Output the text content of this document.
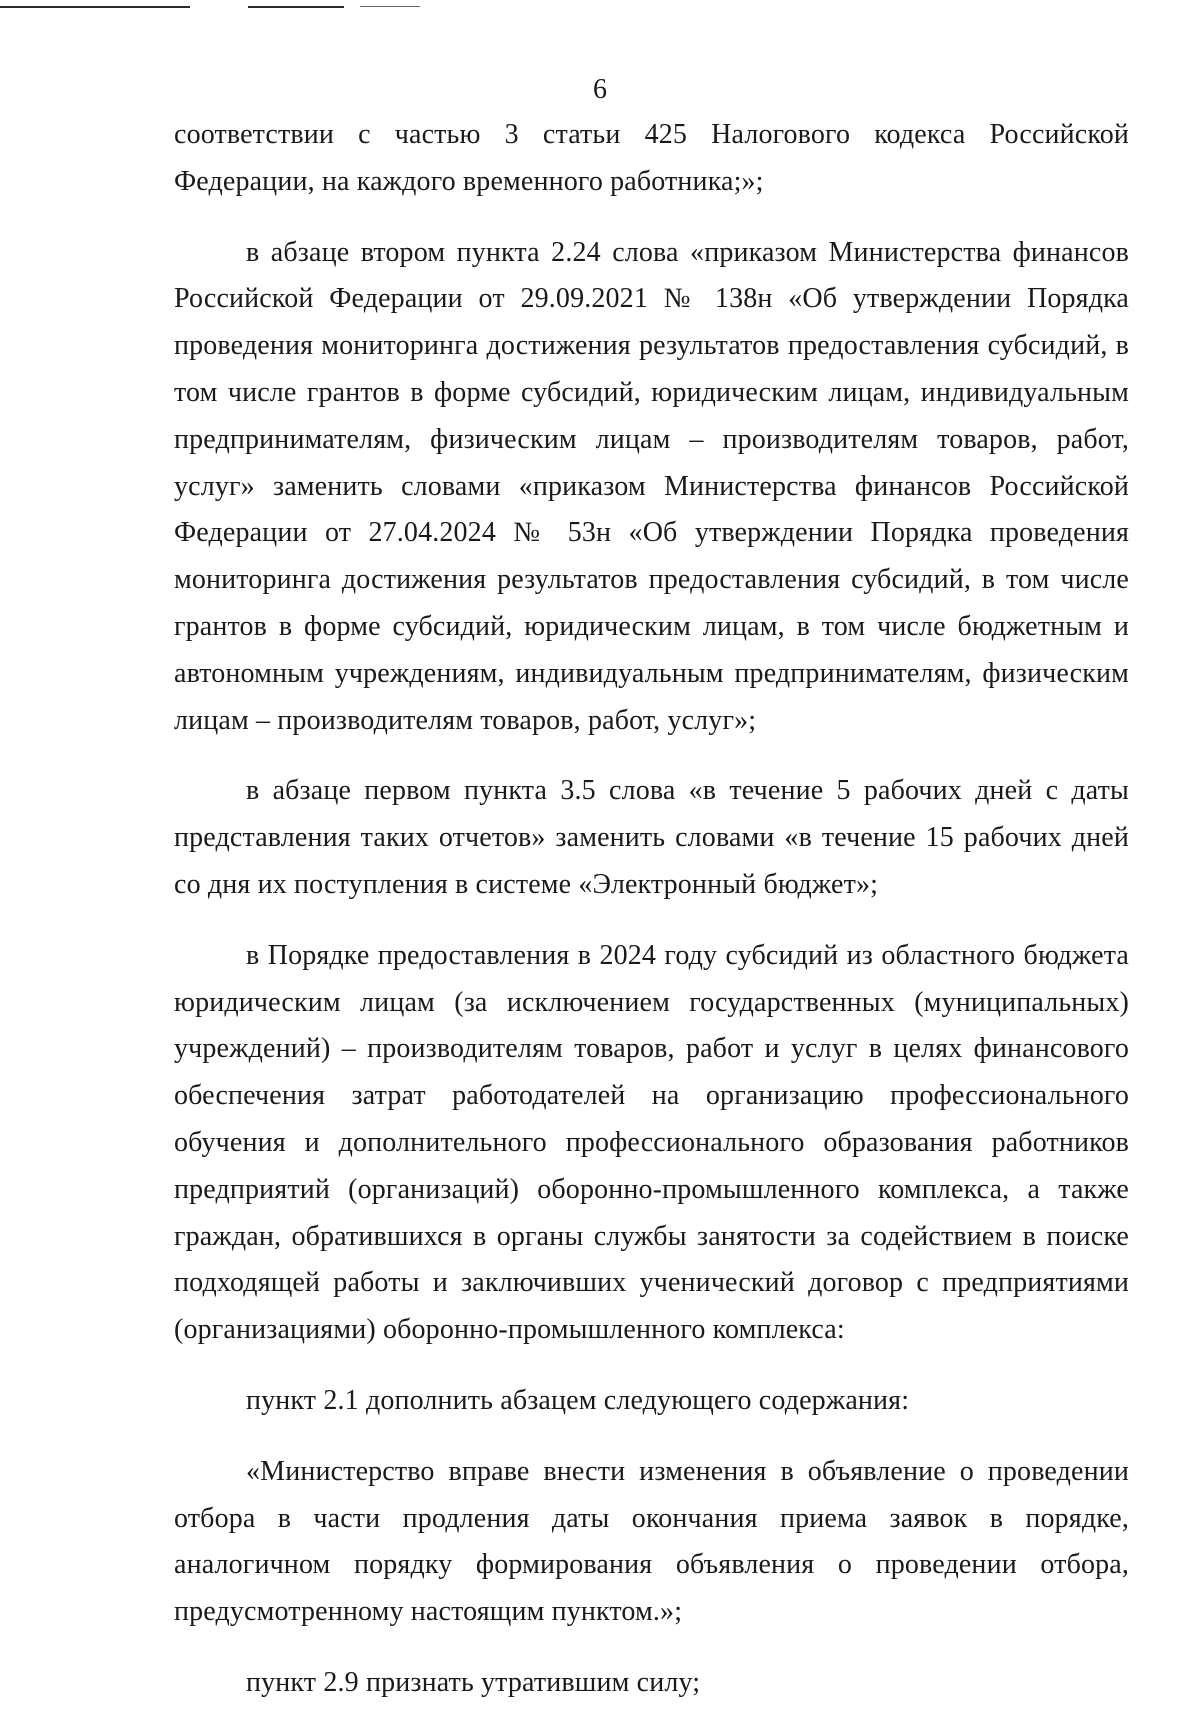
6

соответствии с частью 3 статьи 425 Налогового кодекса Российской Федерации, на каждого временного работника;»;

в абзаце втором пункта 2.24 слова «приказом Министерства финансов Российской Федерации от 29.09.2021 № 138н «Об утверждении Порядка проведения мониторинга достижения результатов предоставления субсидий, в том числе грантов в форме субсидий, юридическим лицам, индивидуальным предпринимателям, физическим лицам – производителям товаров, работ, услуг» заменить словами «приказом Министерства финансов Российской Федерации от 27.04.2024 № 53н «Об утверждении Порядка проведения мониторинга достижения результатов предоставления субсидий, в том числе грантов в форме субсидий, юридическим лицам, в том числе бюджетным и автономным учреждениям, индивидуальным предпринимателям, физическим лицам – производителям товаров, работ, услуг»;

в абзаце первом пункта 3.5 слова «в течение 5 рабочих дней с даты представления таких отчетов» заменить словами «в течение 15 рабочих дней со дня их поступления в системе «Электронный бюджет»;

в Порядке предоставления в 2024 году субсидий из областного бюджета юридическим лицам (за исключением государственных (муниципальных) учреждений) – производителям товаров, работ и услуг в целях финансового обеспечения затрат работодателей на организацию профессионального обучения и дополнительного профессионального образования работников предприятий (организаций) оборонно-промышленного комплекса, а также граждан, обратившихся в органы службы занятости за содействием в поиске подходящей работы и заключивших ученический договор с предприятиями (организациями) оборонно-промышленного комплекса:

пункт 2.1 дополнить абзацем следующего содержания:

«Министерство вправе внести изменения в объявление о проведении отбора в части продления даты окончания приема заявок в порядке, аналогичном порядку формирования объявления о проведении отбора, предусмотренному настоящим пунктом.»;

пункт 2.9 признать утратившим силу;
